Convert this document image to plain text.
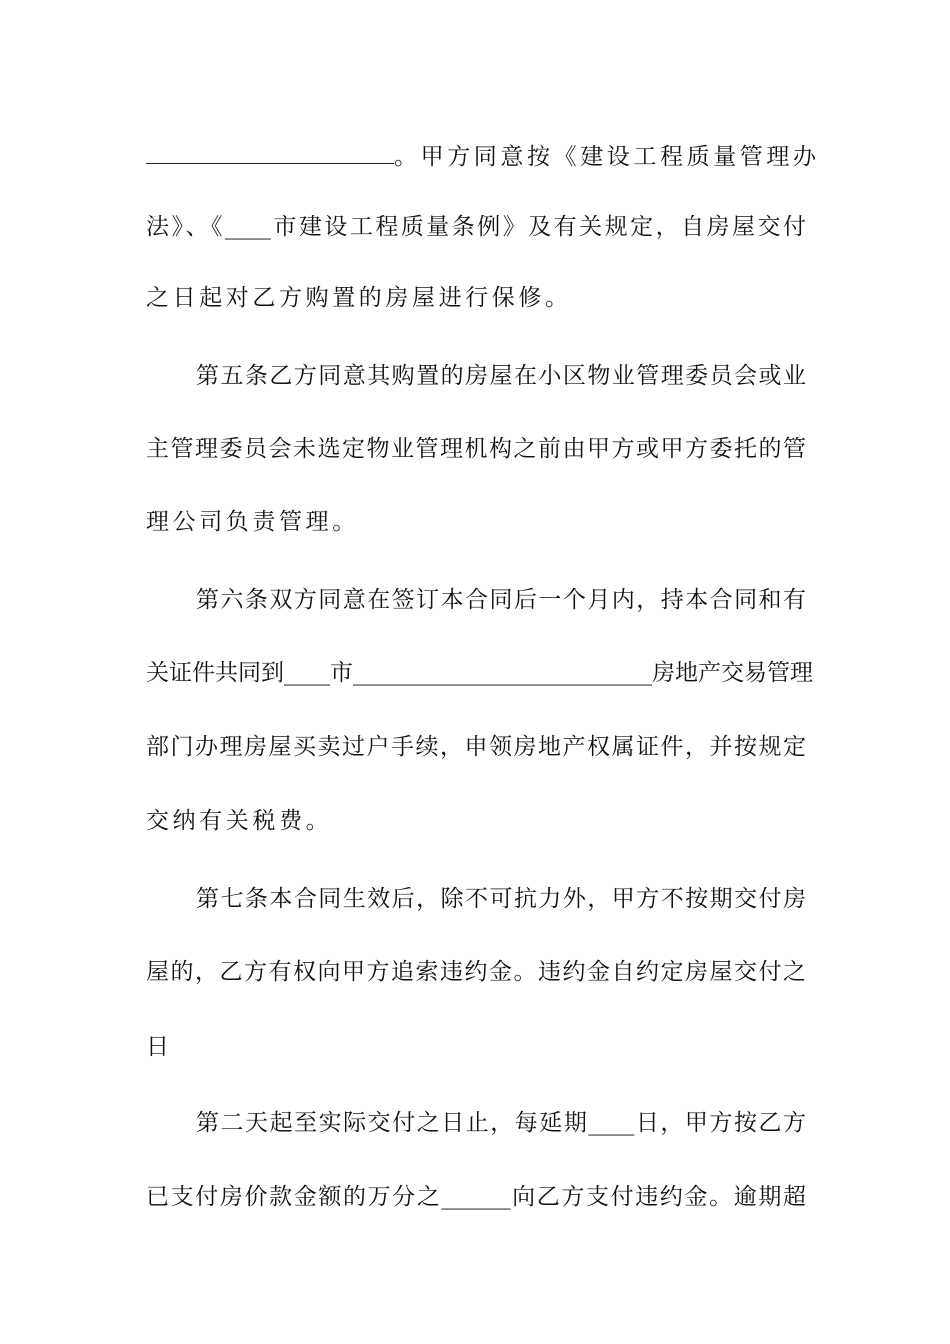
。甲方同意按《建设工程质量管理办
法》、《____市建设工程质量条例》及有关规定，自房屋交付
之日起对乙方购置的房屋进行保修。
第五条乙方同意其购置的房屋在小区物业管理委员会或业
主管理委员会未选定物业管理机构之前由甲方或甲方委托的管
理公司负责管理。
第六条双方同意在签订本合同后一个月内，持本合同和有
关证件共同到____市__________________________房地产交易管理
部门办理房屋买卖过户手续，申领房地产权属证件，并按规定
交纳有关税费。
第七条本合同生效后，除不可抗力外，甲方不按期交付房
屋的，乙方有权向甲方追索违约金。违约金自约定房屋交付之
日
第二天起至实际交付之日止，每延期____日，甲方按乙方
已支付房价款金额的万分之______向乙方支付违约金。逾期超
